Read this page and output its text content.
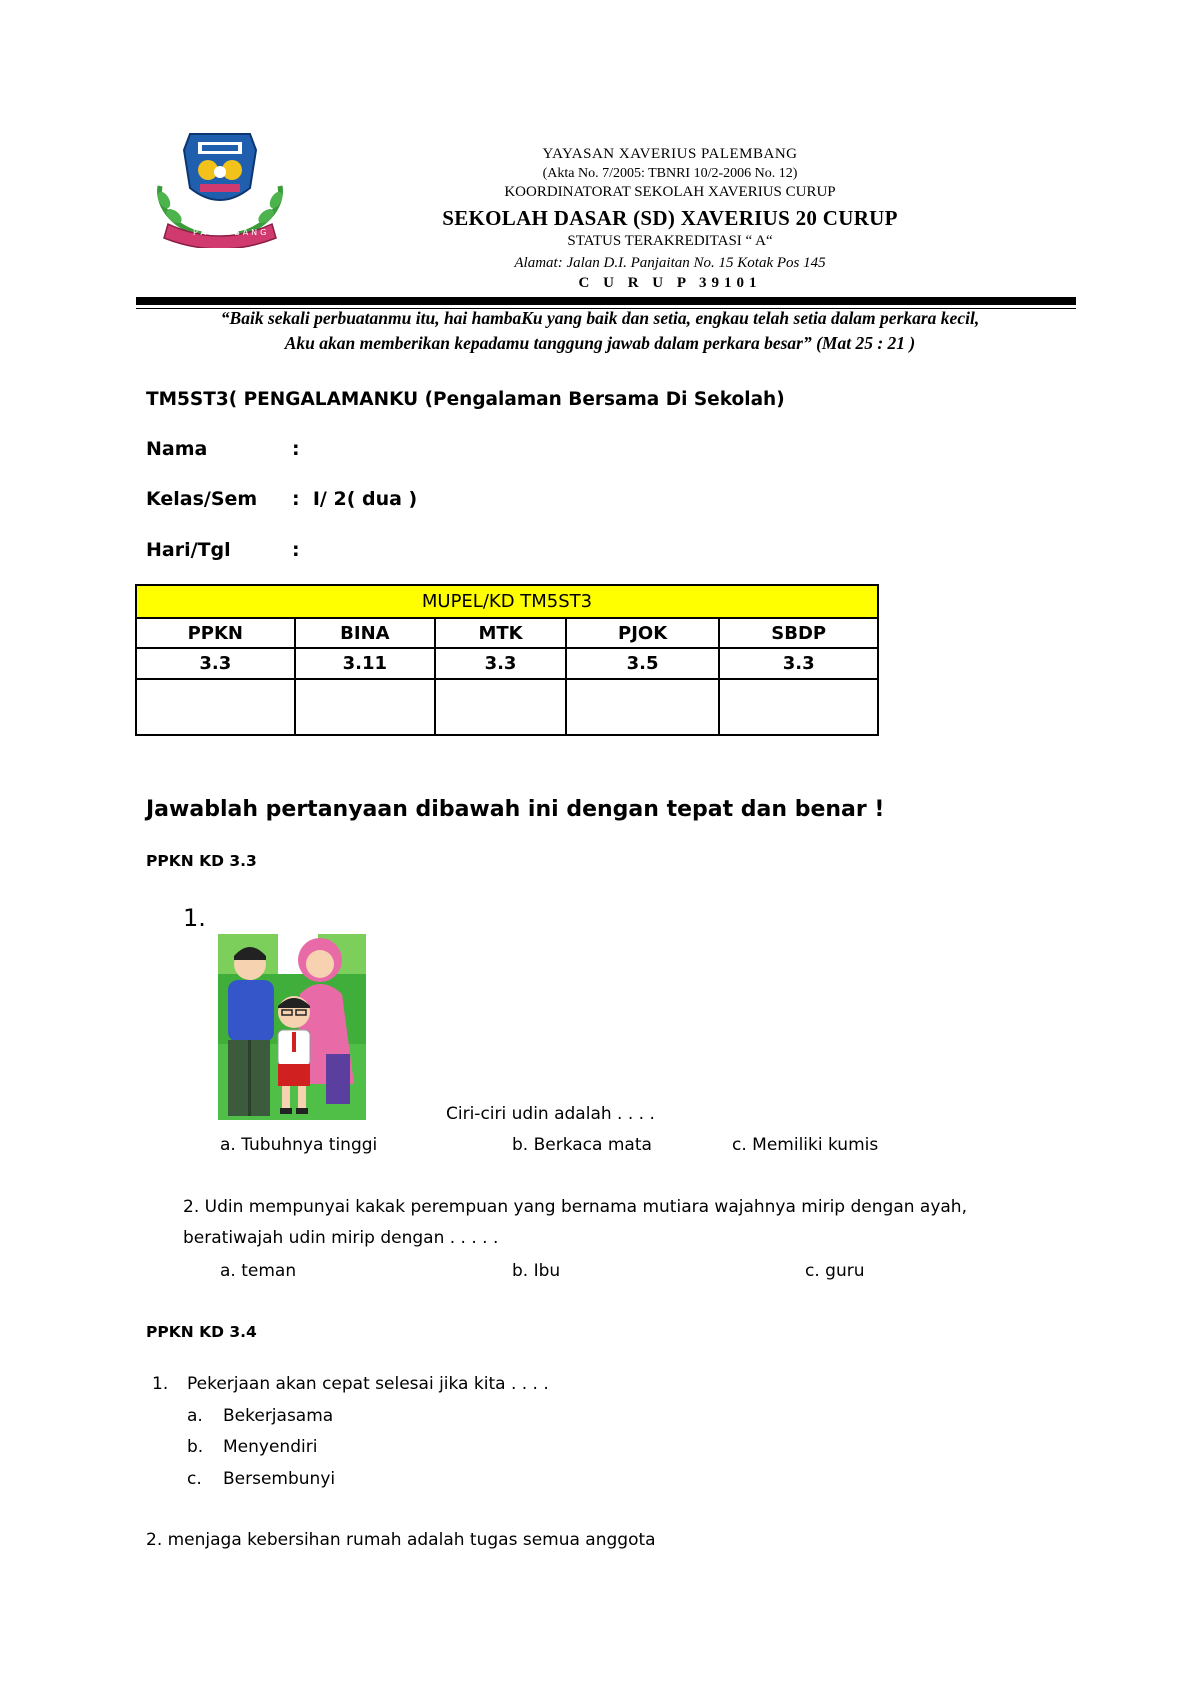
PALEMBANG
YAYASAN XAVERIUS PALEMBANG
(Akta No. 7/2005: TBNRI 10/2-2006 No. 12)
KOORDINATORAT SEKOLAH XAVERIUS CURUP
SEKOLAH DASAR (SD) XAVERIUS 20 CURUP
STATUS TERAKREDITASI “ A“
Alamat: Jalan D.I. Panjaitan No. 15 Kotak Pos 145
C U R U P 39101
“Baik sekali perbuatanmu itu, hai hambaKu yang baik dan setia, engkau telah setia dalam perkara kecil,
Aku akan memberikan kepadamu tanggung jawab dalam perkara besar” (Mat 25 : 21 )
TM5ST3( PENGALAMANKU (Pengalaman Bersama Di Sekolah)
Nama	:
Kelas/Sem : I/ 2( dua )
Hari/Tgl	:
MUPEL/KD TM5ST3				
PPKN	BINA	MTK	PJOK	SBDP
3.3	3.11	3.3	3.5	3.3

Jawablah pertanyaan dibawah ini dengan tepat dan benar !
PPKN KD 3.3
1.
Ciri-ciri udin adalah . . . .
a. Tubuhnya tinggi	b. Berkaca mata	c. Memiliki kumis
2. Udin mempunyai kakak perempuan yang bernama mutiara wajahnya mirip dengan ayah,
beratiwajah udin mirip dengan . . . . .
a. teman	b. Ibu	c. guru
PPKN KD 3.4
1. Pekerjaan akan cepat selesai jika kita . . . .
a. Bekerjasama
b. Menyendiri
c. Bersembunyi
2. menjaga kebersihan rumah adalah tugas semua anggota
